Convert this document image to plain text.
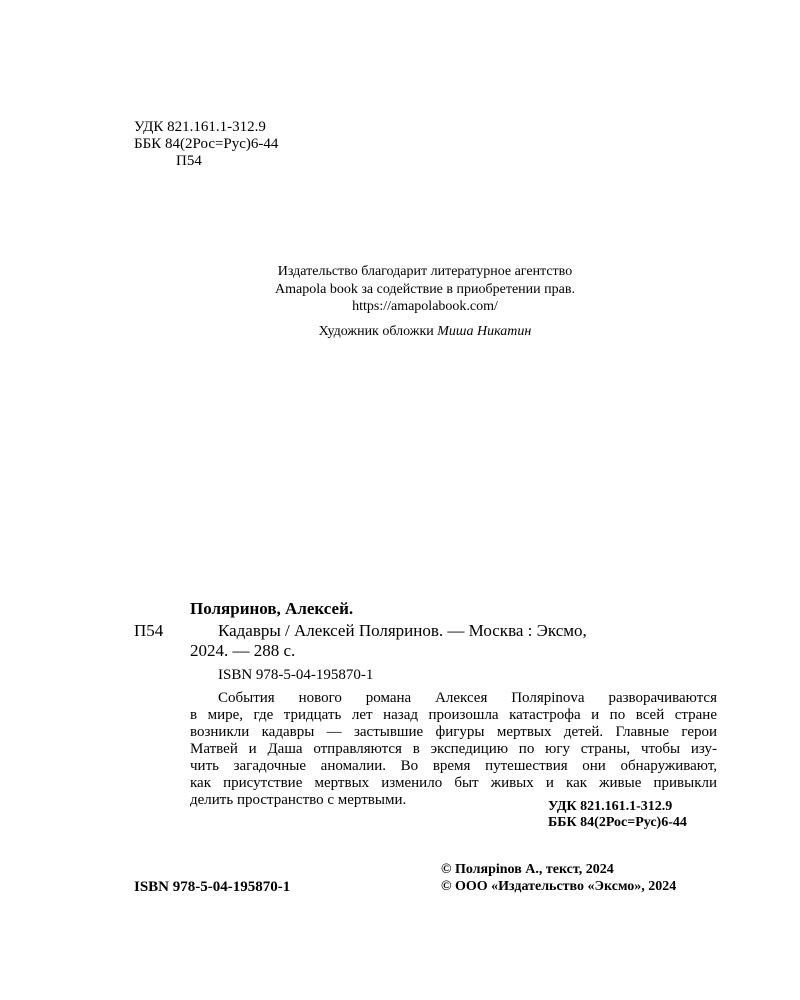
УДК 821.161.1-312.9
ББК 84(2Рос=Рус)6-44
П54
Издательство благодарит литературное агентство
Amapola book за содействие в приобретении прав.
https://amapolabook.com/
Художник обложки Миша Никатин
Поляринов, Алексей.
П54	Кадавры / Алексей Поляринов. — Москва : Эксмо,
2024. — 288 с.
ISBN 978-5-04-195870-1
События нового романа Алексея Полярinova разворачиваются
в мире, где тридцать лет назад произошла катастрофа и по всей стране
возникли кадавры — застывшие фигуры мертвых детей. Главные герои
Матвей и Даша отправляются в экспедицию по югу страны, чтобы изу-
чить загадочные аномалии. Во время путешествия они обнаруживают,
как присутствие мертвых изменило быт живых и как живые привыкли
делить пространство с мертвыми.	УДК 821.161.1-312.9
ББК 84(2Рос=Рус)6-44
ISBN 978-5-04-195870-1
© Полярinов А., текст, 2024
© ООО «Издательство «Эксмо», 2024
